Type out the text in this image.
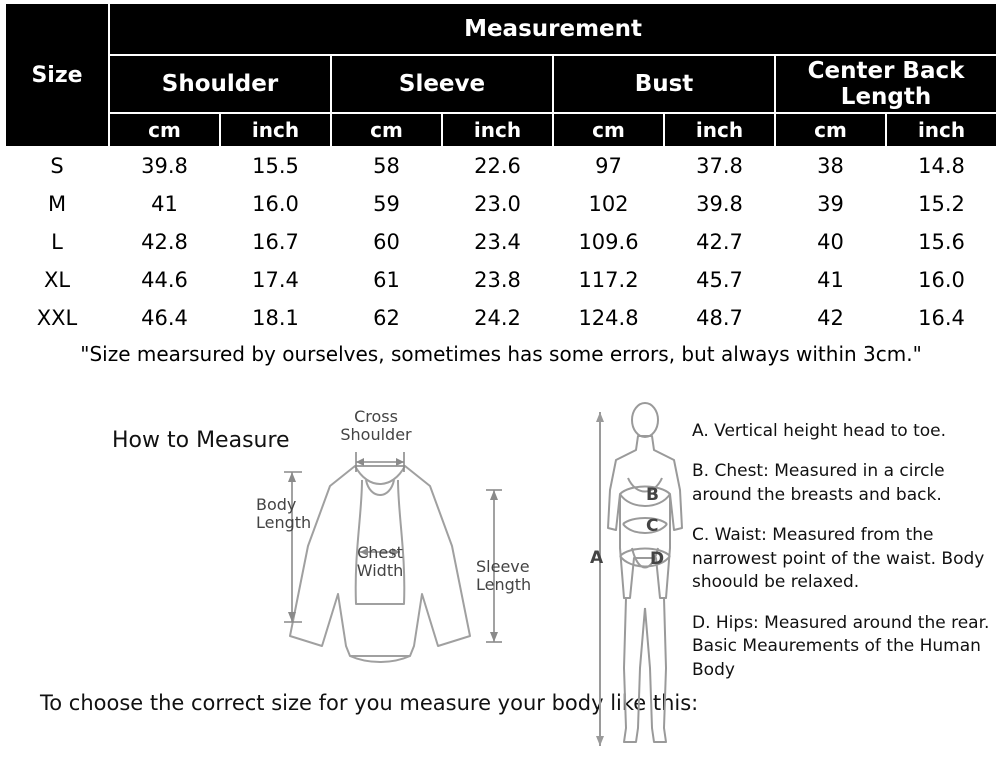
Size	Measurement							
	Shoulder		Sleeve		Bust		Center Back Length	
	cm	inch	cm	inch	cm	inch	cm	inch
S	39.8	15.5	58	22.6	97	37.8	38	14.8
M	41	16.0	59	23.0	102	39.8	39	15.2
L	42.8	16.7	60	23.4	109.6	42.7	40	15.6
XL	44.6	17.4	61	23.8	117.2	45.7	41	16.0
XXL	46.4	18.1	62	24.2	124.8	48.7	42	16.4
"Size mearsured by ourselves, sometimes has some errors, but always within 3cm."								
How to Measure
To choose the correct size for you measure your body like this:
Cross
Shoulder
Body
Length
Chest
Width	Sleeve
Length
A
B
C
D

A. Vertical height head to toe.

B. Chest: Measured in a circle around the breasts and back.

C. Waist: Measured from the narrowest point of the waist. Body shoould be relaxed.

D. Hips: Measured around the rear. Basic Meaurements of the Human Body
